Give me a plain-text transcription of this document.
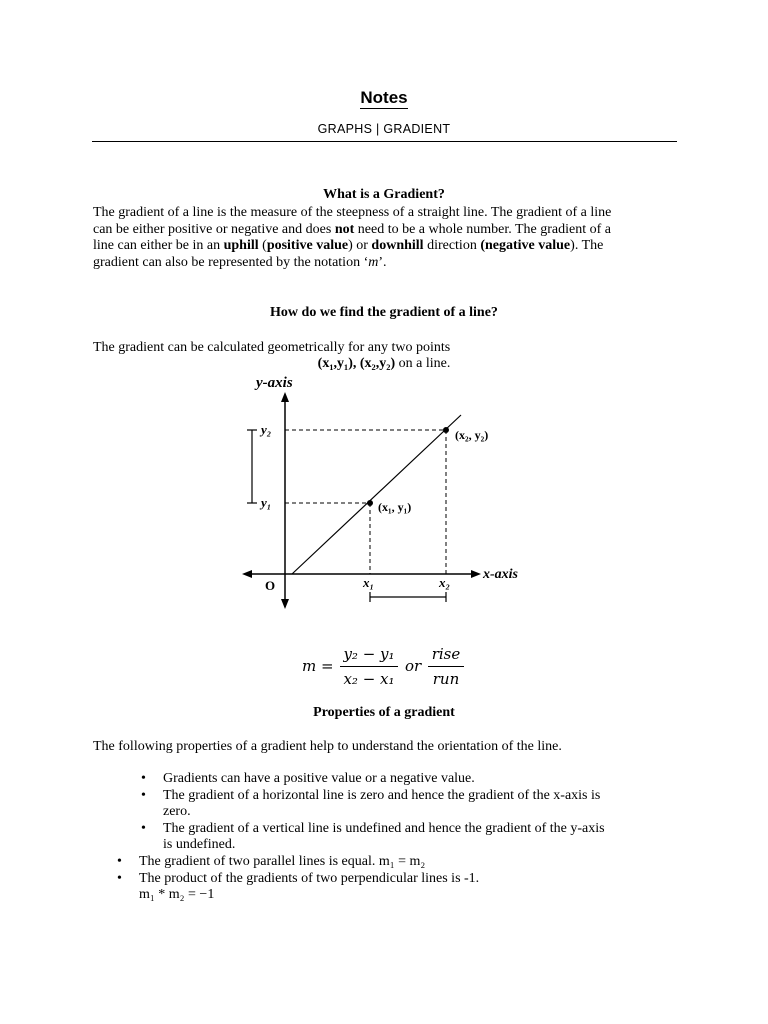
Notes
GRAPHS | GRADIENT
What is a Gradient?
The gradient of a line is the measure of the steepness of a straight line. The gradient of a line
can be either positive or negative and does not need to be a whole number. The gradient of a
line can either be in an uphill (positive value) or downhill direction (negative value). The
gradient can also be represented by the notation ‘m’.
How do we find the gradient of a line?
The gradient can be calculated geometrically for any two points
(x₁,y₁), (x₂,y₂) on a line.
y-axis
x-axis
O
y₂
y₁
x₁	x₂
(x₁, y₁)
(x₂, y₂)
m =
y₂ − y₁
x₂ − x₁
or
rise
run
Properties of a gradient
The following properties of a gradient help to understand the orientation of the line.
• Gradients can have a positive value or a negative value.
• The gradient of a horizontal line is zero and hence the gradient of the x-axis is
zero.
• The gradient of a vertical line is undefined and hence the gradient of the y-axis
is undefined.
• The gradient of two parallel lines is equal. m₁ = m₂
• The product of the gradients of two perpendicular lines is -1.
m₁ * m₂ = −1
